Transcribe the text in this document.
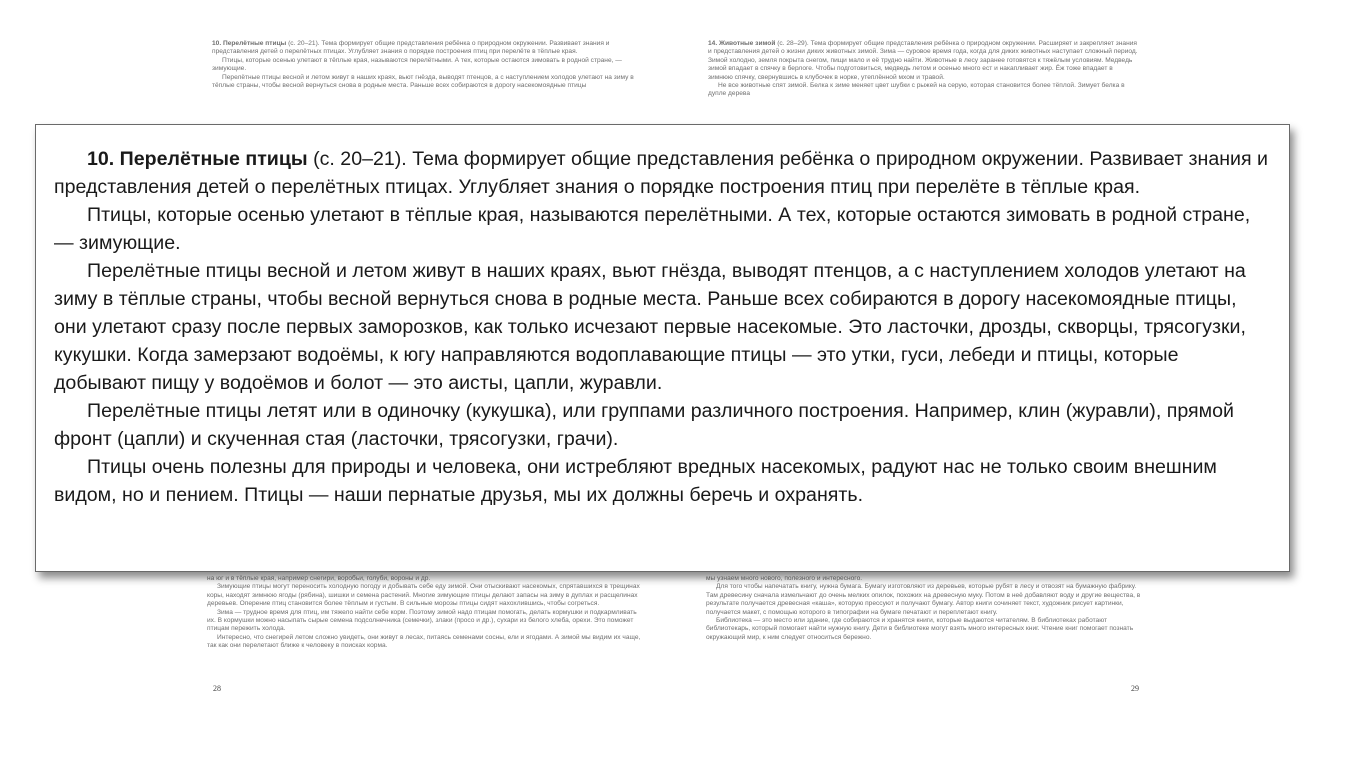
10. Перелётные птицы (с. 20–21). Тема формирует общие представления ребёнка о природном окружении. Развивает знания и представления детей о перелётных птицах. Углубляет знания о порядке построения птиц при перелёте в тёплые края.

Птицы, которые осенью улетают в тёплые края, называются перелётными. А тех, которые остаются зимовать в родной стране, — зимующие.

Перелётные птицы весной и летом живут в наших краях, вьют гнёзда, выводят птенцов, а с наступлением холодов улетают на зиму в тёплые страны, чтобы весной вернуться снова в родные места. Раньше всех собираются в дорогу насекомоядные птицы

14. Животные зимой (с. 28–29). Тема формирует общие представления ребёнка о природном окружении. Расширяет и закрепляет знания и представления детей о жизни диких животных зимой. Зима — суровое время года, когда для диких животных наступает сложный период. Зимой холодно, земля покрыта снегом, пищи мало и её трудно найти. Животные в лесу заранее готовятся к тяжёлым условиям. Медведь зимой впадает в спячку в берлоге. Чтобы подготовиться, медведь летом и осенью много ест и накапливает жир. Ёж тоже впадает в зимнюю спячку, свернувшись в клубочек в норке, утеплённой мхом и травой.

Не все животные спят зимой. Белка к зиме меняет цвет шубки с рыжей на серую, которая становится более тёплой. Зимует белка в дупле дерева

на юг и в тёплые края, например снегири, воробьи, голуби, вороны и др.

Зимующие птицы могут переносить холодную погоду и добывать себе еду зимой. Они отыскивают насекомых, спрятавшихся в трещинах коры, находят зимнюю ягоды (рябина), шишки и семена растений. Многие зимующие птицы делают запасы на зиму в дуплах и расщелинах деревьев. Оперение птиц становится более тёплым и густым. В сильные морозы птицы сидят нахохлившись, чтобы согреться.

Зима — трудное время для птиц, им тяжело найти себе корм. Поэтому зимой надо птицам помогать, делать кормушки и подкармливать их. В кормушки можно насыпать сырые семена подсолнечника (семечки), злаки (просо и др.), сухари из белого хлеба, орехи. Это поможет птицам пережить холода.

Интересно, что снегирей летом сложно увидеть, они живут в лесах, питаясь семенами сосны, ели и ягодами. А зимой мы видим их чаще, так как они перелетают ближе к человеку в поисках корма.

мы узнаем много нового, полезного и интересного.

Для того чтобы напечатать книгу, нужна бумага. Бумагу изготовляют из деревьев, которые рубят в лесу и отвозят на бумажную фабрику. Там древесину сначала измельчают до очень мелких опилок, похожих на древесную муку. Потом в неё добавляют воду и другие вещества, в результате получается древесная «каша», которую прессуют и получают бумагу. Автор книги сочиняет текст, художник рисует картинки, получается макет, с помощью которого в типографии на бумаге печатают и переплетают книгу.

Библиотека — это место или здание, где собираются и хранятся книги, которые выдаются читателям. В библиотеках работают библиотекарь, который помогает найти нужную книгу. Дети в библиотеке могут взять много интересных книг. Чтение книг помогает познать окружающий мир, к ним следует относиться бережно.

28	29

10. Перелётные птицы (с. 20–21). Тема формирует общие представления ребёнка о природном окружении. Развивает знания и представления детей о перелётных птицах. Углубляет знания о порядке построения птиц при перелёте в тёплые края.

Птицы, которые осенью улетают в тёплые края, называются перелётными. А тех, которые остаются зимовать в родной стране, — зимующие.

Перелётные птицы весной и летом живут в наших краях, вьют гнёзда, выводят птенцов, а с наступлением холодов улетают на зиму в тёплые страны, чтобы весной вернуться снова в родные места. Раньше всех собираются в дорогу насекомоядные птицы, они улетают сразу после первых заморозков, как только исчезают первые насекомые. Это ласточки, дрозды, скворцы, трясогузки, кукушки. Когда замерзают водоёмы, к югу направляются водоплавающие птицы — это утки, гуси, лебеди и птицы, которые добывают пищу у водоёмов и болот — это аисты, цапли, журавли.

Перелётные птицы летят или в одиночку (кукушка), или группами различного построения. Например, клин (журавли), прямой фронт (цапли) и скученная стая (ласточки, трясогузки, грачи).

Птицы очень полезны для природы и человека, они истребляют вредных насекомых, радуют нас не только своим внешним видом, но и пением. Птицы — наши пернатые друзья, мы их должны беречь и охранять.
